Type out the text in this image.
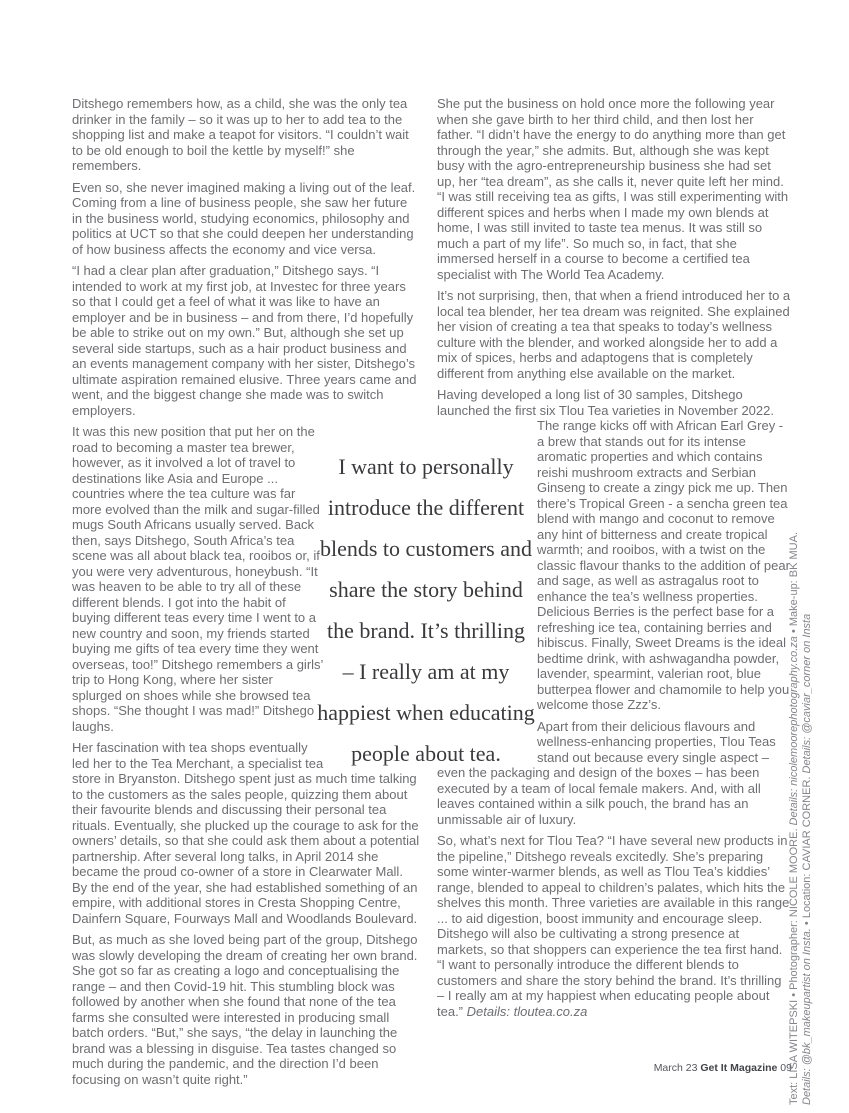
Ditshego remembers how, as a child, she was the only tea drinker in the family – so it was up to her to add tea to the shopping list and make a teapot for visitors. “I couldn’t wait to be old enough to boil the kettle by myself!” she remembers.

Even so, she never imagined making a living out of the leaf. Coming from a line of business people, she saw her future in the business world, studying economics, philosophy and politics at UCT so that she could deepen her understanding of how business affects the economy and vice versa.

“I had a clear plan after graduation,” Ditshego says. “I intended to work at my first job, at Investec for three years so that I could get a feel of what it was like to have an employer and be in business – and from there, I’d hopefully be able to strike out on my own.” But, although she set up several side startups, such as a hair product business and an events management company with her sister, Ditshego’s ultimate aspiration remained elusive. Three years came and went, and the biggest change she made was to switch employers.

It was this new position that put her on the road to becoming a master tea brewer, however, as it involved a lot of travel to destinations like Asia and Europe ... countries where the tea culture was far more evolved than the milk and sugar-filled mugs South Africans usually served. Back then, says Ditshego, South Africa’s tea scene was all about black tea, rooibos or, if you were very adventurous, honeybush. “It was heaven to be able to try all of these different blends. I got into the habit of buying different teas every time I went to a new country and soon, my friends started buying me gifts of tea every time they went overseas, too!” Ditshego remembers a girls’ trip to Hong Kong, where her sister splurged on shoes while she browsed tea shops. “She thought I was mad!” Ditshego laughs.

Her fascination with tea shops eventually led her to the Tea Merchant, a specialist tea store in Bryanston. Ditshego spent just as much time talking to the customers as the sales people, quizzing them about their favourite blends and discussing their personal tea rituals. Eventually, she plucked up the courage to ask for the owners’ details, so that she could ask them about a potential partnership. After several long talks, in April 2014 she became the proud co-owner of a store in Clearwater Mall. By the end of the year, she had established something of an empire, with additional stores in Cresta Shopping Centre, Dainfern Square, Fourways Mall and Woodlands Boulevard.

But, as much as she loved being part of the group, Ditshego was slowly developing the dream of creating her own brand. She got so far as creating a logo and conceptualising the range – and then Covid-19 hit. This stumbling block was followed by another when she found that none of the tea farms she consulted were interested in producing small batch orders. “But,” she says, “the delay in launching the brand was a blessing in disguise. Tea tastes changed so much during the pandemic, and the direction I’d been focusing on wasn’t quite right.”

She put the business on hold once more the following year when she gave birth to her third child, and then lost her father. “I didn’t have the energy to do anything more than get through the year,” she admits. But, although she was kept busy with the agro-entrepreneurship business she had set up, her “tea dream”, as she calls it, never quite left her mind. “I was still receiving tea as gifts, I was still experimenting with different spices and herbs when I made my own blends at home, I was still invited to taste tea menus. It was still so much a part of my life”. So much so, in fact, that she immersed herself in a course to become a certified tea specialist with The World Tea Academy.

It’s not surprising, then, that when a friend introduced her to a local tea blender, her tea dream was reignited. She explained her vision of creating a tea that speaks to today’s wellness culture with the blender, and worked alongside her to add a mix of spices, herbs and adaptogens that is completely different from anything else available on the market.

Having developed a long list of 30 samples, Ditshego launched the first six Tlou Tea varieties in November 2022. The range kicks off with African Earl Grey - a brew that stands out for its intense aromatic properties and which contains reishi mushroom extracts and Serbian Ginseng to create a zingy pick me up. Then there’s Tropical Green - a sencha green tea blend with mango and coconut to remove any hint of bitterness and create tropical warmth; and rooibos, with a twist on the classic flavour thanks to the addition of pear and sage, as well as astragalus root to enhance the tea’s wellness properties. Delicious Berries is the perfect base for a refreshing ice tea, containing berries and hibiscus. Finally, Sweet Dreams is the ideal bedtime drink, with ashwagandha powder, lavender, spearmint, valerian root, blue butterpea flower and chamomile to help you welcome those Zzz’s.

Apart from their delicious flavours and wellness-enhancing properties, Tlou Teas stand out because every single aspect – even the packaging and design of the boxes – has been executed by a team of local female makers. And, with all leaves contained within a silk pouch, the brand has an unmissable air of luxury.

So, what’s next for Tlou Tea? “I have several new products in the pipeline,” Ditshego reveals excitedly. She’s preparing some winter-warmer blends, as well as Tlou Tea’s kiddies’ range, blended to appeal to children’s palates, which hits the shelves this month. Three varieties are available in this range ... to aid digestion, boost immunity and encourage sleep. Ditshego will also be cultivating a strong presence at markets, so that shoppers can experience the tea first hand. “I want to personally introduce the different blends to customers and share the story behind the brand. It’s thrilling – I really am at my happiest when educating people about tea.” Details: tloutea.co.za

I want to personally
introduce the different
blends to customers and
share the story behind
the brand. It’s thrilling
– I really am at my
happiest when educating
people about tea.
Text: LISA WITEPSKI • Photographer: NICOLE MOORE. Details: nicolemoorephotography.co.za • Make-up: BK MUA.
Details: @bk_makeupartist on Insta. • Location: CAVIAR CORNER. Details: @caviar_corner on Insta
March 23 Get It Magazine 09
